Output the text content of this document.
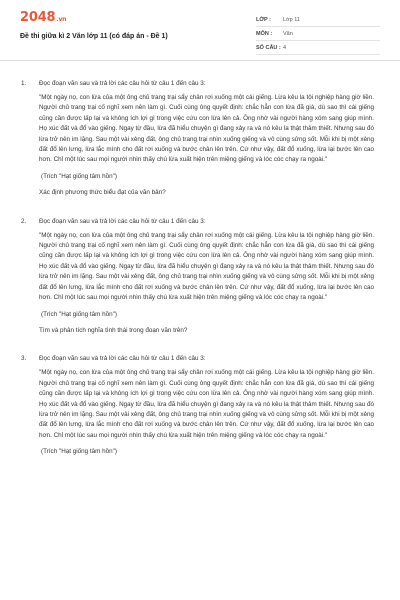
2048.vn
Đề thi giữa kì 2 Văn lớp 11 (có đáp án - Đề 1)
LỚP :	Lớp 11
MÔN :	Văn
SỐ CÂU : 4
1.	Đọc đoạn văn sau và trả lời các câu hỏi từ câu 1 đến câu 3:

"Một ngày nọ, con lừa của một ông chủ trang trại sẩy chân rơi xuống một cái giếng. Lừa kêu la tội nghiệp hàng giờ liền. Người chủ trang trại cố nghĩ xem nên làm gì. Cuối cùng ông quyết định: chắc hẳn con lừa đã già, dù sao thì cái giếng cũng cần được lấp lại và không ích lợi gì trong việc cứu con lừa lên cả. Ông nhờ vài người hàng xóm sang giúp mình. Họ xúc đất và đổ vào giếng. Ngay từ đầu, lừa đã hiểu chuyện gì đang xảy ra và nó kêu la thật thảm thiết. Nhưng sau đó lừa trở nên im lặng. Sau một vài xẻng đất, ông chủ trang trại nhìn xuống giếng và vô cùng sửng sốt. Mỗi khi bị một xẻng đất đổ lên lưng, lừa lắc mình cho đất rơi xuống và bước chân lên trên. Cứ như vậy, đất đổ xuống, lừa lại bước lên cao hơn. Chỉ một lúc sau mọi người nhìn thấy chú lừa xuất hiện trên miệng giếng và lóc cóc chạy ra ngoài."

(Trích "Hạt giống tâm hồn")

Xác định phương thức biểu đạt của văn bản?

2.	Đọc đoạn văn sau và trả lời các câu hỏi từ câu 1 đến câu 3:

"Một ngày nọ, con lừa của một ông chủ trang trại sẩy chân rơi xuống một cái giếng. Lừa kêu la tội nghiệp hàng giờ liền. Người chủ trang trại cố nghĩ xem nên làm gì. Cuối cùng ông quyết định: chắc hẳn con lừa đã già, dù sao thì cái giếng cũng cần được lấp lại và không ích lợi gì trong việc cứu con lừa lên cả. Ông nhờ vài người hàng xóm sang giúp mình. Họ xúc đất và đổ vào giếng. Ngay từ đầu, lừa đã hiểu chuyện gì đang xảy ra và nó kêu la thật thảm thiết. Nhưng sau đó lừa trở nên im lặng. Sau một vài xẻng đất, ông chủ trang trại nhìn xuống giếng và vô cùng sửng sốt. Mỗi khi bị một xẻng đất đổ lên lưng, lừa lắc mình cho đất rơi xuống và bước chân lên trên. Cứ như vậy, đất đổ xuống, lừa lại bước lên cao hơn. Chỉ một lúc sau mọi người nhìn thấy chú lừa xuất hiện trên miệng giếng và lóc cóc chạy ra ngoài."

(Trích "Hạt giống tâm hồn")

Tìm và phân tích nghĩa tình thái trong đoạn văn trên?

3.	Đọc đoạn văn sau và trả lời các câu hỏi từ câu 1 đến câu 3:

"Một ngày nọ, con lừa của một ông chủ trang trại sẩy chân rơi xuống một cái giếng. Lừa kêu la tội nghiệp hàng giờ liền. Người chủ trang trại cố nghĩ xem nên làm gì. Cuối cùng ông quyết định: chắc hẳn con lừa đã già, dù sao thì cái giếng cũng cần được lấp lại và không ích lợi gì trong việc cứu con lừa lên cả. Ông nhờ vài người hàng xóm sang giúp mình. Họ xúc đất và đổ vào giếng. Ngay từ đầu, lừa đã hiểu chuyện gì đang xảy ra và nó kêu la thật thảm thiết. Nhưng sau đó lừa trở nên im lặng. Sau một vài xẻng đất, ông chủ trang trại nhìn xuống giếng và vô cùng sửng sốt. Mỗi khi bị một xẻng đất đổ lên lưng, lừa lắc mình cho đất rơi xuống và bước chân lên trên. Cứ như vậy, đất đổ xuống, lừa lại bước lên cao hơn. Chỉ một lúc sau mọi người nhìn thấy chú lừa xuất hiện trên miệng giếng và lóc cóc chạy ra ngoài."

(Trích "Hạt giống tâm hồn")
